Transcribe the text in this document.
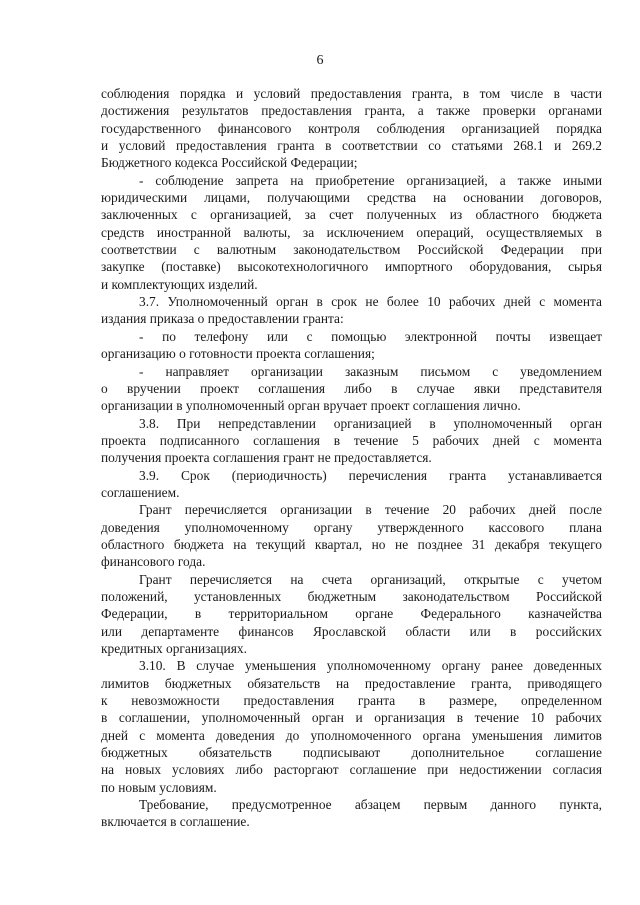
6
соблюдения порядка и условий предоставления гранта, в том числе в части
достижения результатов предоставления гранта, а также проверки органами
государственного финансового контроля соблюдения организацией порядка
и условий предоставления гранта в соответствии со статьями 268.1 и 269.2
Бюджетного кодекса Российской Федерации;
- соблюдение запрета на приобретение организацией, а также иными
юридическими лицами, получающими средства на основании договоров,
заключенных с организацией, за счет полученных из областного бюджета
средств иностранной валюты, за исключением операций, осуществляемых в
соответствии с валютным законодательством Российской Федерации при
закупке (поставке) высокотехнологичного импортного оборудования, сырья
и комплектующих изделий.
3.7. Уполномоченный орган в срок не более 10 рабочих дней с момента
издания приказа о предоставлении гранта:
- по телефону или с помощью электронной почты извещает
организацию о готовности проекта соглашения;
- направляет организации заказным письмом с уведомлением
о вручении проект соглашения либо в случае явки представителя
организации в уполномоченный орган вручает проект соглашения лично.
3.8. При непредставлении организацией в уполномоченный орган
проекта подписанного соглашения в течение 5 рабочих дней с момента
получения проекта соглашения грант не предоставляется.
3.9. Срок (периодичность) перечисления гранта устанавливается
соглашением.
Грант перечисляется организации в течение 20 рабочих дней после
доведения уполномоченному органу утвержденного кассового плана
областного бюджета на текущий квартал, но не позднее 31 декабря текущего
финансового года.
Грант перечисляется на счета организаций, открытые с учетом
положений, установленных бюджетным законодательством Российской
Федерации, в территориальном органе Федерального казначейства
или департаменте финансов Ярославской области или в российских
кредитных организациях.
3.10. В случае уменьшения уполномоченному органу ранее доведенных
лимитов бюджетных обязательств на предоставление гранта, приводящего
к невозможности предоставления гранта в размере, определенном
в соглашении, уполномоченный орган и организация в течение 10 рабочих
дней с момента доведения до уполномоченного органа уменьшения лимитов
бюджетных обязательств подписывают дополнительное соглашение
на новых условиях либо расторгают соглашение при недостижении согласия
по новым условиям.
Требование, предусмотренное абзацем первым данного пункта,
включается в соглашение.
